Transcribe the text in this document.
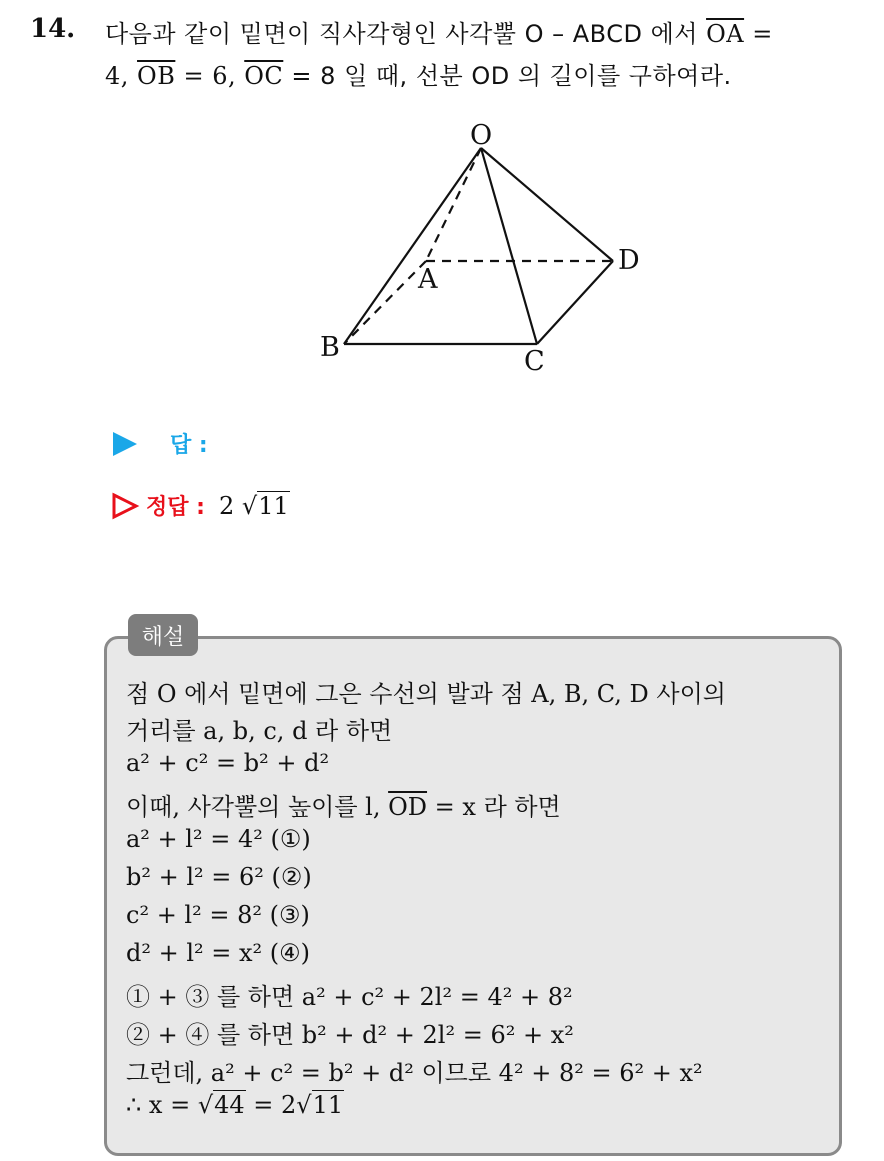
14. 다음과 같이 밑면이 직사각형인 사각뿔 O – ABCD 에서 $\overline{OA}$ =
4, $\overline{OB} = 6$, $\overline{OC} = 8$ 일 때, 선분 OD 의 길이를 구하여라.
O
A
B	C
D
답 :
정답 : 2 √11
해설
점 O 에서 밑면에 그은 수선의 발과 점 A, B, C, D 사이의
거리를 a, b, c, d 라 하면
a² + c² = b² + d²
이때, 사각뿔의 높이를 l, $\overline{OD} = x$ 라 하면
a² + l² = 4² (①)
b² + l² = 6² (②)
c² + l² = 8² (③)
d² + l² = x² (④)
① + ③ 를 하면 a² + c² + 2l² = 4² + 8²
② + ④ 를 하면 b² + d² + 2l² = 6² + x²
그런데, a² + c² = b² + d² 이므로 4² + 8² = 6² + x²
∴ x = √44 = 2√11
